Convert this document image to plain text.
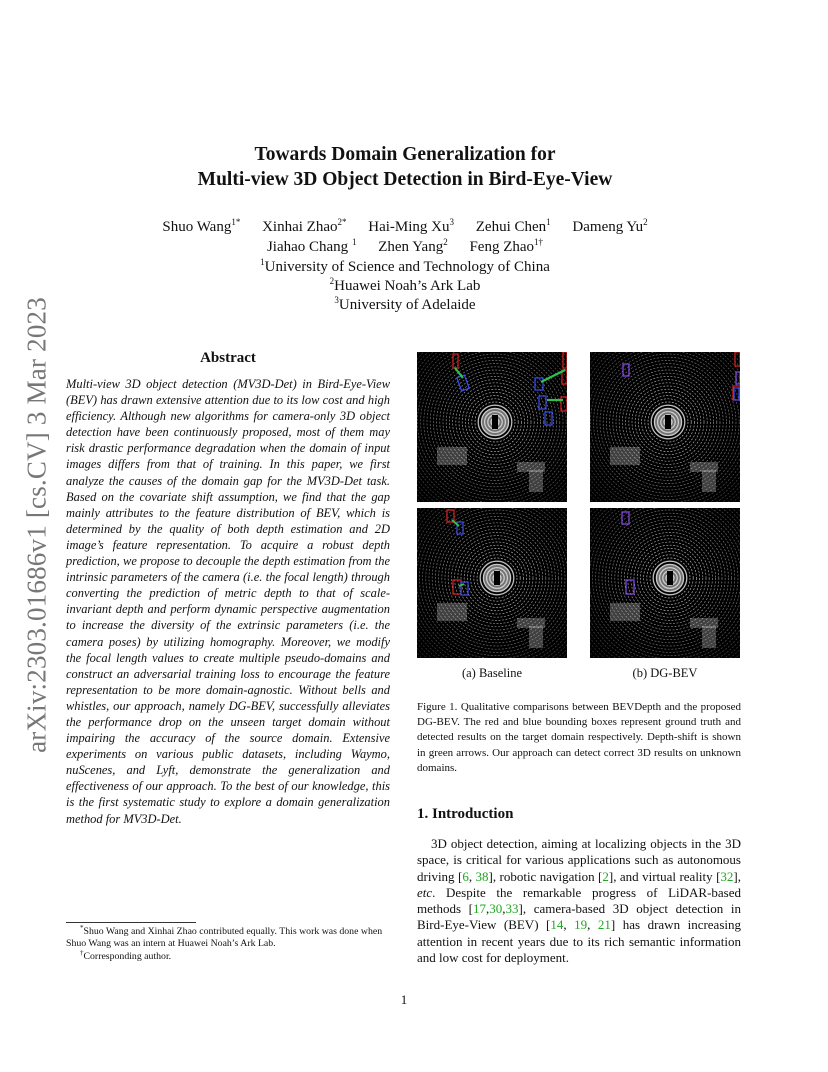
arXiv:2303.01686v1 [cs.CV] 3 Mar 2023
Towards Domain Generalization for
Multi-view 3D Object Detection in Bird-Eye-View
Shuo Wang$^{1*}$ Xinhai Zhao$^{2*}$ Hai-Ming Xu$^3$ Zehui Chen$^1$ Dameng Yu$^2$
Jiahao Chang $^1$ Zhen Yang$^2$ Feng Zhao$^{1\dagger}$
$^1$University of Science and Technology of China
$^2$Huawei Noah’s Ark Lab
$^3$University of Adelaide
Abstract
Multi-view 3D object detection (MV3D-Det) in Bird-Eye-View (BEV) has drawn extensive attention due to its low cost and high efficiency. Although new algorithms for camera-only 3D object detection have been continuously proposed, most of them may risk drastic performance degradation when the domain of input images differs from that of training. In this paper, we first analyze the causes of the domain gap for the MV3D-Det task. Based on the covariate shift assumption, we find that the gap mainly attributes to the feature distribution of BEV, which is determined by the quality of both depth estimation and 2D image’s feature representation. To acquire a robust depth prediction, we propose to decouple the depth estimation from the intrinsic parameters of the camera (i.e. the focal length) through converting the prediction of metric depth to that of scale-invariant depth and perform dynamic perspective augmentation to increase the diversity of the extrinsic parameters (i.e. the camera poses) by utilizing homography. Moreover, we modify the focal length values to create multiple pseudo-domains and construct an adversarial training loss to encourage the feature representation to be more domain-agnostic. Without bells and whistles, our approach, namely DG-BEV, successfully alleviates the performance drop on the unseen target domain without impairing the accuracy of the source domain. Extensive experiments on various public datasets, including Waymo, nuScenes, and Lyft, demonstrate the generalization and effectiveness of our approach. To the best of our knowledge, this is the first systematic study to explore a domain generalization method for MV3D-Det.
(a) Baseline	(b) DG-BEV
Figure 1. Qualitative comparisons between BEVDepth and the proposed DG-BEV. The red and blue bounding boxes represent ground truth and detected results on the target domain respectively. Depth-shift is shown in green arrows. Our approach can detect correct 3D results on unknown domains.
1. Introduction

3D object detection, aiming at localizing objects in the 3D space, is critical for various applications such as autonomous driving [6, 38], robotic navigation [2], and virtual reality [32], etc. Despite the remarkable progress of LiDAR-based methods [17,30,33], camera-based 3D object detection in Bird-Eye-View (BEV) [14, 19, 21] has drawn increasing attention in recent years due to its rich semantic information and low cost for deployment.

*Shuo Wang and Xinhai Zhao contributed equally. This work was done when Shuo Wang was an intern at Huawei Noah’s Ark Lab.
†Corresponding author.
1
